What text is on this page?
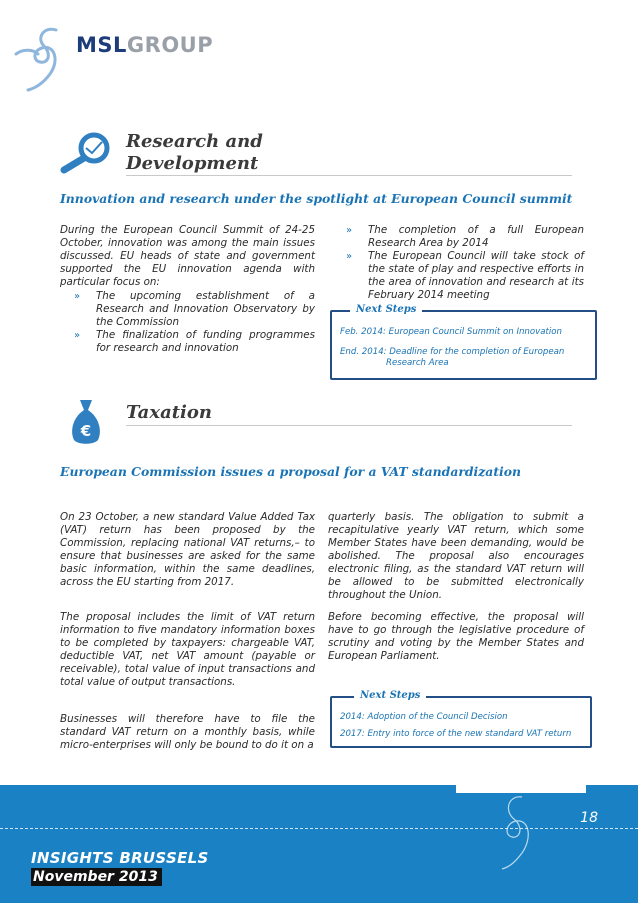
MSLGROUP
Research and
Development
Innovation and research under the spotlight at European Council summit

During the European Council Summit of 24-25 October, innovation was among the main issues discussed. EU heads of state and government supported the EU innovation agenda with particular focus on:

» The upcoming establishment of a Research and Innovation Observatory by the Commission

» The finalization of funding programmes for research and innovation

» The completion of a full European Research Area by 2014

» The European Council will take stock of the state of play and respective efforts in the area of innovation and research at its February 2014 meeting

Next Steps
Feb. 2014: European Council Summit on Innovation
End. 2014: Deadline for the completion of European
Research Area
€
Taxation
European Commission issues a proposal for a VAT standardization

On 23 October, a new standard Value Added Tax (VAT) return has been proposed by the Commission, replacing national VAT returns,– to ensure that businesses are asked for the same basic information, within the same deadlines, across the EU starting from 2017.

The proposal includes the limit of VAT return information to five mandatory information boxes to be completed by taxpayers: chargeable VAT, deductible VAT, net VAT amount (payable or receivable), total value of input transactions and total value of output transactions.

Businesses will therefore have to file the standard VAT return on a monthly basis, while micro-enterprises will only be bound to do it on a

quarterly basis. The obligation to submit a recapitulative yearly VAT return, which some Member States have been demanding, would be abolished. The proposal also encourages electronic filing, as the standard VAT return will be allowed to be submitted electronically throughout the Union.

Before becoming effective, the proposal will have to go through the legislative procedure of scrutiny and voting by the Member States and European Parliament.

Next Steps
2014: Adoption of the Council Decision
2017: Entry into force of the new standard VAT return
18
INSIGHTS BRUSSELS
November 2013
